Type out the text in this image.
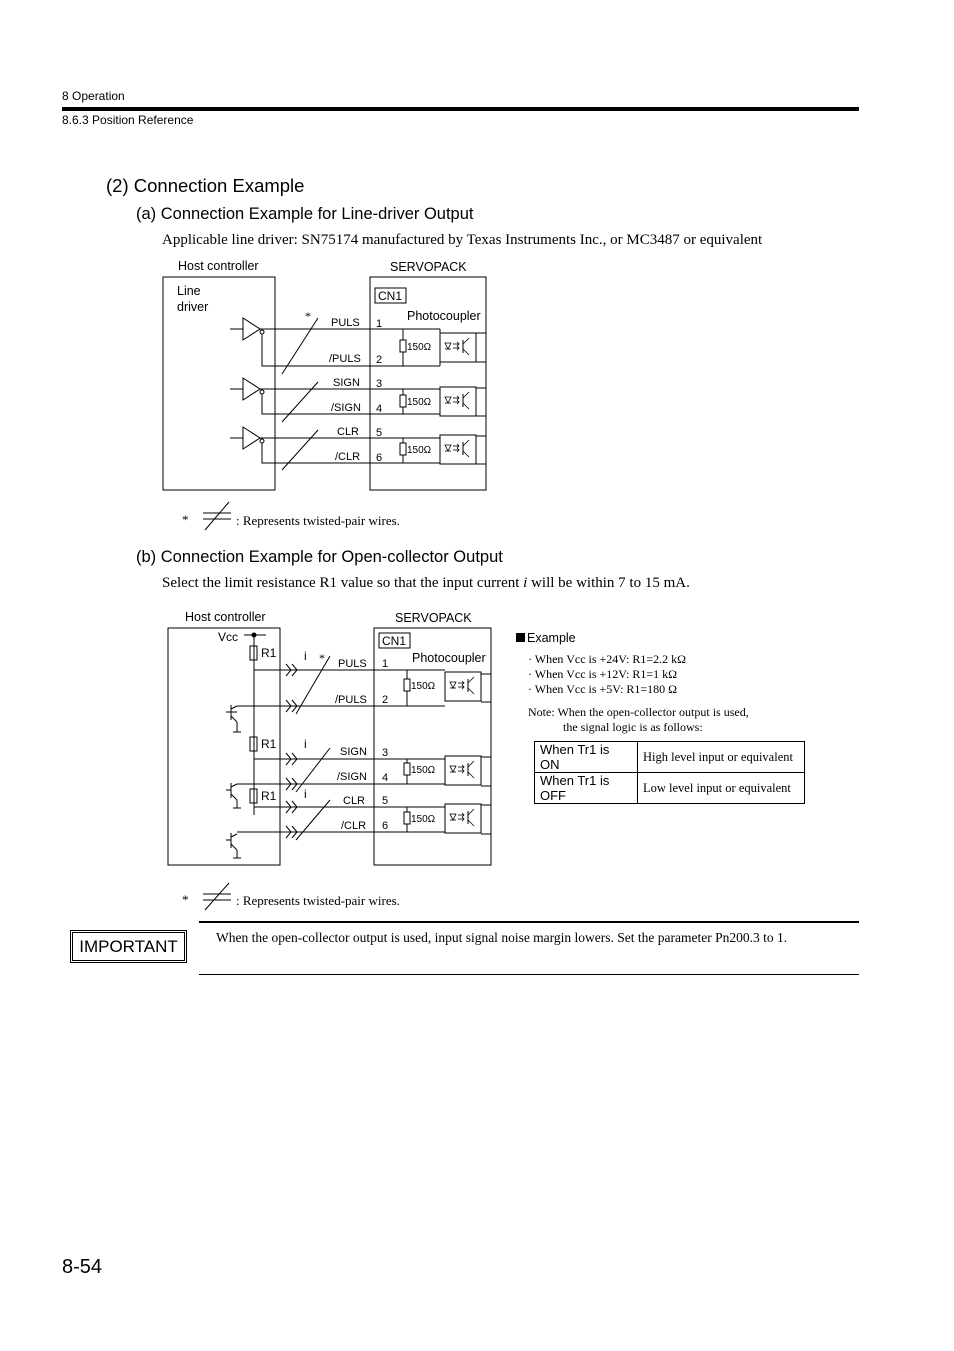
8 Operation
8.6.3 Position Reference
(2) Connection Example
(a) Connection Example for Line-driver Output
Applicable line driver: SN75174 manufactured by Texas Instruments Inc., or MC3487 or equivalent
Host controller	SERVOPACK
Line
driver
CN1
Photocoupler
* PULS
/PULS
SIGN
/SIGN
CLR
/CLR
1
2
3
4
5
6
150Ω
150Ω
150Ω
*	: Represents twisted-pair wires.
Host controller	SERVOPACK
Vcc	CN1
Photocoupler
*
R1
R1
R1
i
i
i
PULS
/PULS
SIGN
/SIGN
CLR
/CLR
1
2
3
4
5
6
150Ω
150Ω
150Ω
*	: Represents twisted-pair wires.
Example
· When Vcc is +24V: R1=2.2 kΩ
· When Vcc is +12V: R1=1 kΩ
· When Vcc is +5V: R1=180 Ω
Note: When the open-collector output is used,
the signal logic is as follows:
(b) Connection Example for Open-collector Output
Select the limit resistance R1 value so that the input current i will be within 7 to 15 mA.
When Tr1 is ON	High level input or equivalent
When Tr1 is OFF	Low level input or equivalent
IMPORTANT	When the open-collector output is used, input signal noise margin lowers. Set the parameter Pn200.3 to 1.
8-54
